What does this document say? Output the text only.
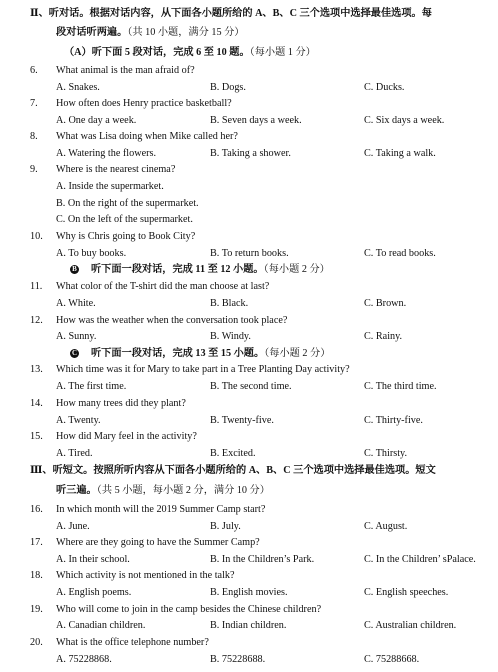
Ⅱ、听对话。根据对话内容，从下面各小题所给的 A、B、C 三个选项中选择最佳选项。每
段对话听两遍。（共 10 小题，满分 15 分）
（A）听下面 5 段对话，完成 6 至 10 题。（每小题 1 分）
6. What animal is the man afraid of?
A. Snakes.	B. Dogs.	C. Ducks.
7. How often does Henry practice basketball?
A. One day a week.	B. Seven days a week.	C. Six days a week.
8. What was Lisa doing when Mike called her?
A. Watering the flowers.	B. Taking a shower.	C. Taking a walk.
9. Where is the nearest cinema?
A. Inside the supermarket.
B. On the right of the supermarket.
C. On the left of the supermarket.
10. Why is Chris going to Book City?
A. To buy books.	B. To return books.	C. To read books.
B 听下面一段对话，完成 11 至 12 小题。（每小题 2 分）
11. What color of the T-shirt did the man choose at last?
A. White.	B. Black.	C. Brown.
12. How was the weather when the conversation took place?
A. Sunny.	B. Windy.	C. Rainy.
C 听下面一段对话，完成 13 至 15 小题。（每小题 2 分）
13. Which time was it for Mary to take part in a Tree Planting Day activity?
A. The first time.	B. The second time.	C. The third time.
14. How many trees did they plant?
A. Twenty.	B. Twenty-five.	C. Thirty-five.
15. How did Mary feel in the activity?
A. Tired.	B. Excited.	C. Thirsty.
Ⅲ、听短文。按照所听内容从下面各小题所给的 A、B、C 三个选项中选择最佳选项。短文
听三遍。（共 5 小题，每小题 2 分，满分 10 分）
16. In which month will the 2019 Summer Camp start?
A. June.	B. July.	C. August.
17. Where are they going to have the Summer Camp?
A. In their school.	B. In the Children’s Park.	C. In the Children’ sPalace.
18. Which activity is not mentioned in the talk?
A. English poems.	B. English movies.	C. English speeches.
19. Who will come to join in the camp besides the Chinese children?
A. Canadian children.	B. Indian children.	C. Australian children.
20. What is the office telephone number?
A. 75228868.	B. 75228688.	C. 75288668.
